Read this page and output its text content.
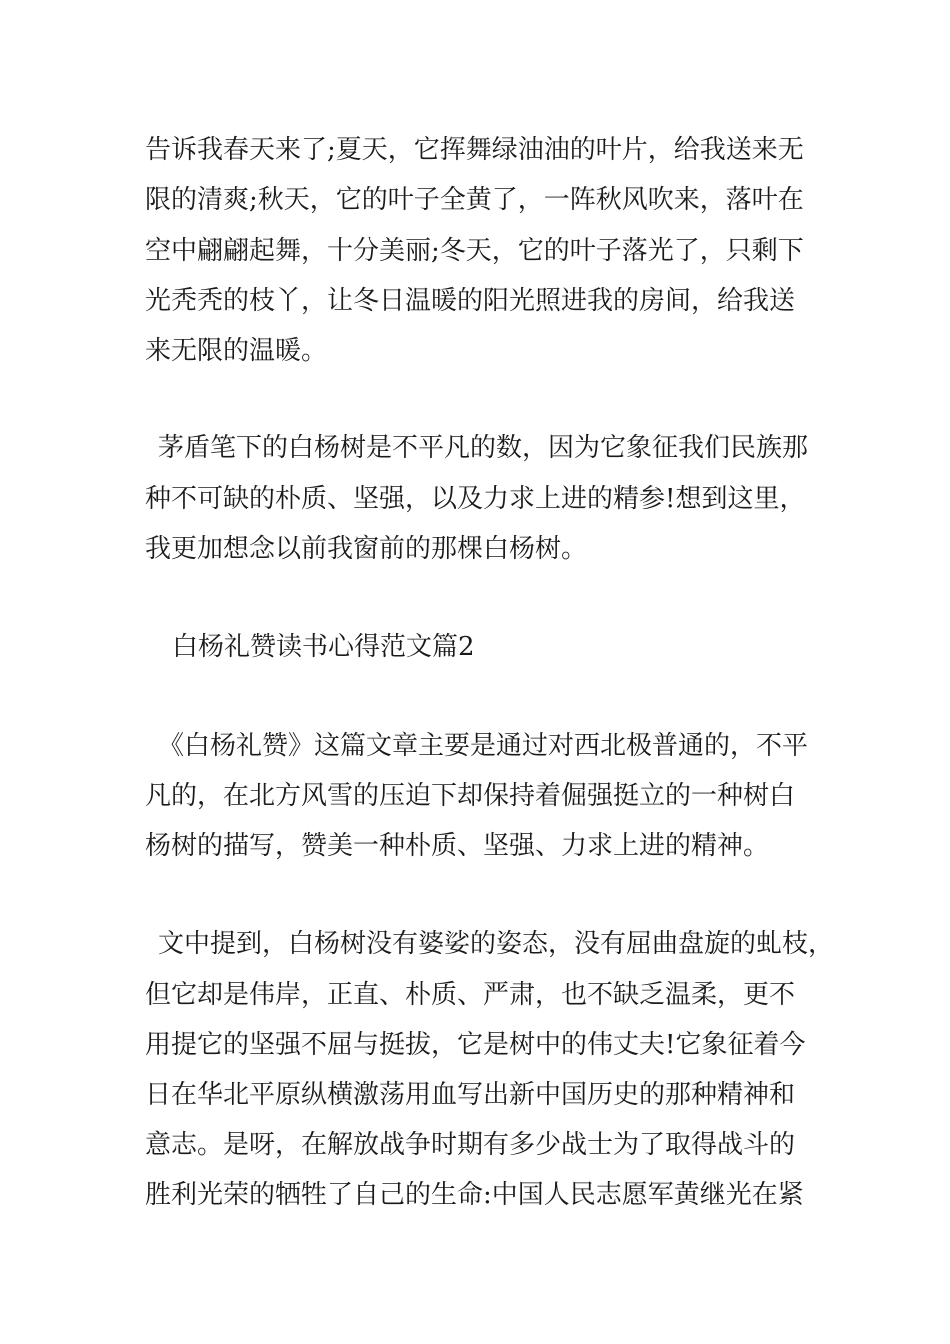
告诉我春天来了;夏天，它挥舞绿油油的叶片，给我送来无
限的清爽;秋天，它的叶子全黄了，一阵秋风吹来，落叶在
空中翩翩起舞，十分美丽;冬天，它的叶子落光了，只剩下
光秃秃的枝丫，让冬日温暖的阳光照进我的房间，给我送
来无限的温暖。
茅盾笔下的白杨树是不平凡的数，因为它象征我们民族那
种不可缺的朴质、坚强，以及力求上进的精参!想到这里，
我更加想念以前我窗前的那棵白杨树。
白杨礼赞读书心得范文篇2
《白杨礼赞》这篇文章主要是通过对西北极普通的，不平
凡的，在北方风雪的压迫下却保持着倔强挺立的一种树白
杨树的描写，赞美一种朴质、坚强、力求上进的精神。
文中提到，白杨树没有婆娑的姿态，没有屈曲盘旋的虬枝，
但它却是伟岸，正直、朴质、严肃，也不缺乏温柔，更不
用提它的坚强不屈与挺拔，它是树中的伟丈夫!它象征着今
日在华北平原纵横激荡用血写出新中国历史的那种精神和
意志。是呀，在解放战争时期有多少战士为了取得战斗的
胜利光荣的牺牲了自己的生命:中国人民志愿军黄继光在紧
